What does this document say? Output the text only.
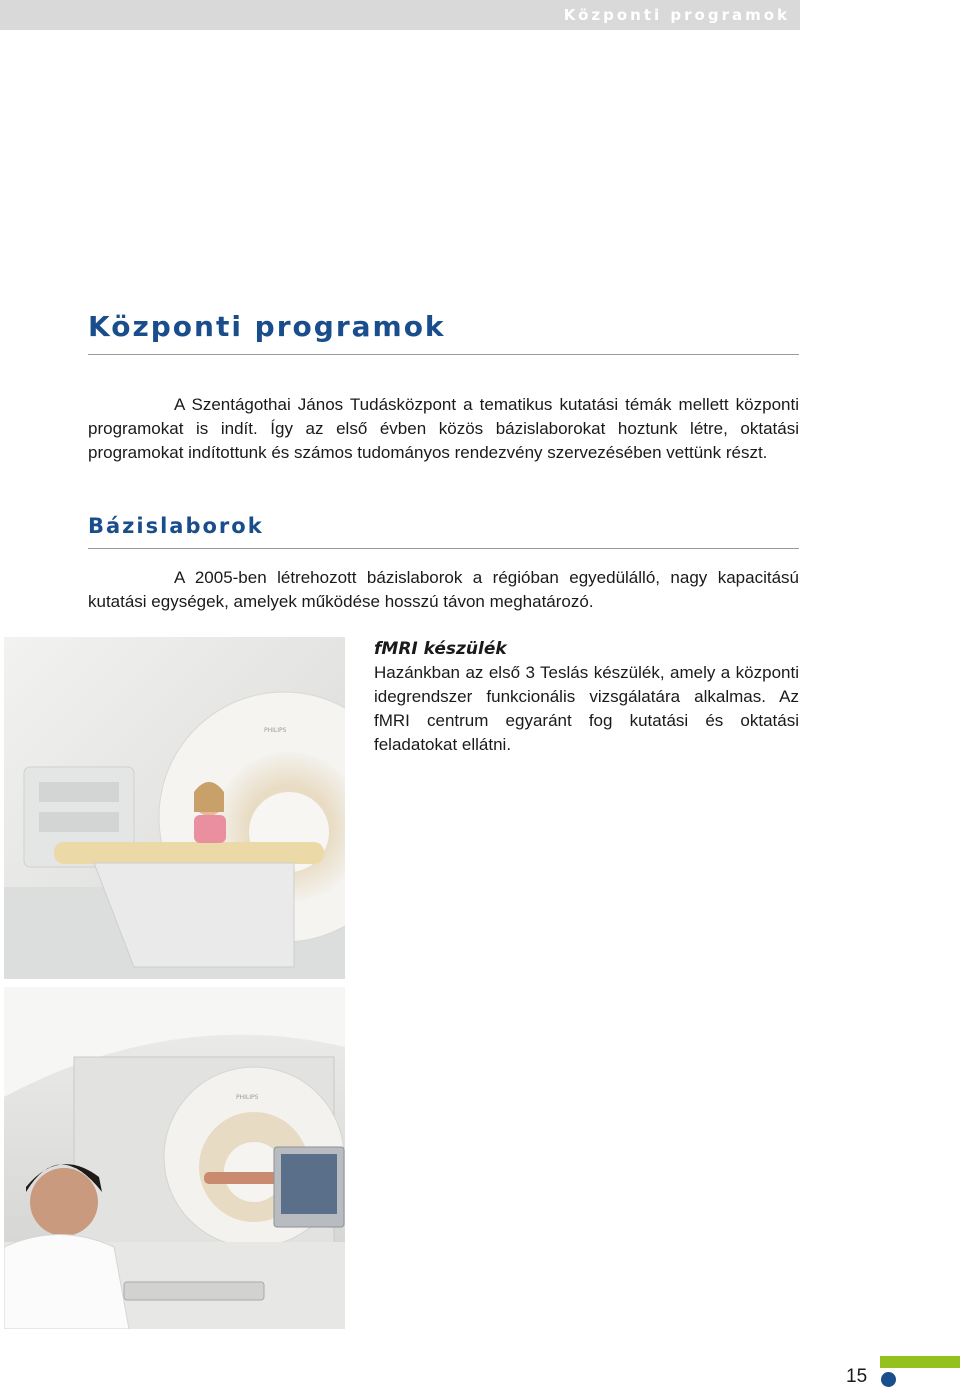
Központi programok
Központi programok

A Szentágothai János Tudásközpont a tematikus kutatási témák mellett központi programokat is indít. Így az első évben közös bázislaborokat hoztunk létre, oktatási programokat indítottunk és számos tudományos rendezvény szervezésében vettünk részt.

Bázislaborok

A 2005-ben létrehozott bázislaborok a régióban egyedülálló, nagy kapacitású kutatási egységek, amelyek működése hosszú távon meghatározó.

PHILIPS

fMRI készülék

Hazánkban az első 3 Teslás készülék, amely a központi idegrendszer funkcionális vizsgálatára alkalmas. Az fMRI centrum egyaránt fog kutatási és oktatási feladatokat ellátni.

PHILIPS
15
